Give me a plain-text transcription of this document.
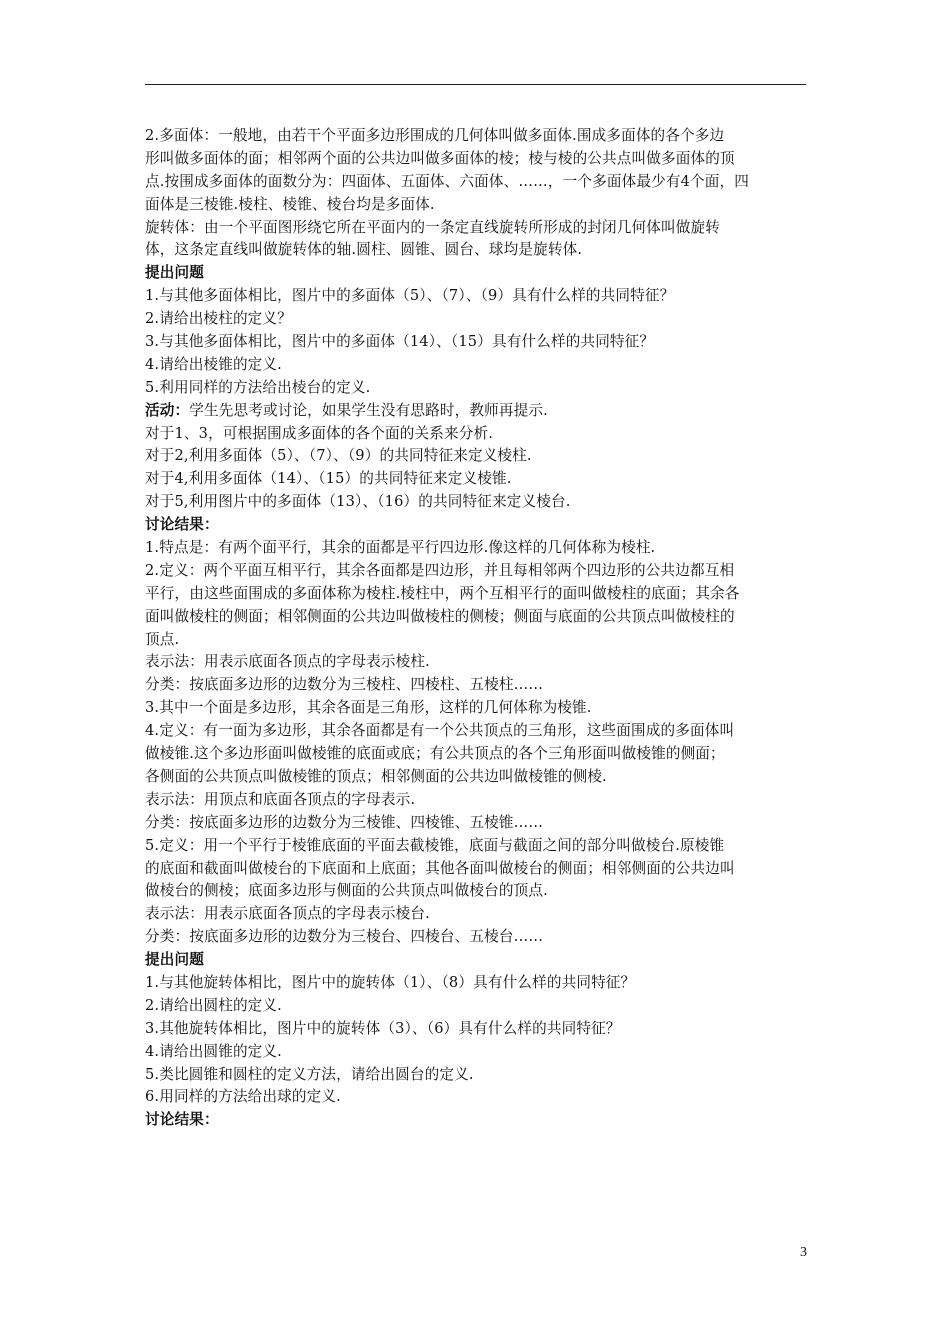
2.多面体：一般地，由若干个平面多边形围成的几何体叫做多面体.围成多面体的各个多边
形叫做多面体的面；相邻两个面的公共边叫做多面体的棱；棱与棱的公共点叫做多面体的顶
点.按围成多面体的面数分为：四面体、五面体、六面体、……，一个多面体最少有4个面，四
面体是三棱锥.棱柱、棱锥、棱台均是多面体.
旋转体：由一个平面图形绕它所在平面内的一条定直线旋转所形成的封闭几何体叫做旋转
体，这条定直线叫做旋转体的轴.圆柱、圆锥、圆台、球均是旋转体.
提出问题
1.与其他多面体相比，图片中的多面体（5）、（7）、（9）具有什么样的共同特征？
2.请给出棱柱的定义？
3.与其他多面体相比，图片中的多面体（14）、（15）具有什么样的共同特征？
4.请给出棱锥的定义.
5.利用同样的方法给出棱台的定义.
活动：学生先思考或讨论，如果学生没有思路时，教师再提示.
对于1、3，可根据围成多面体的各个面的关系来分析.
对于2,利用多面体（5）、（7）、（9）的共同特征来定义棱柱.
对于4,利用多面体（14）、（15）的共同特征来定义棱锥.
对于5,利用图片中的多面体（13）、（16）的共同特征来定义棱台.
讨论结果：
1.特点是：有两个面平行，其余的面都是平行四边形.像这样的几何体称为棱柱.
2.定义：两个平面互相平行，其余各面都是四边形，并且每相邻两个四边形的公共边都互相
平行，由这些面围成的多面体称为棱柱.棱柱中，两个互相平行的面叫做棱柱的底面；其余各
面叫做棱柱的侧面；相邻侧面的公共边叫做棱柱的侧棱；侧面与底面的公共顶点叫做棱柱的
顶点.
表示法：用表示底面各顶点的字母表示棱柱.
分类：按底面多边形的边数分为三棱柱、四棱柱、五棱柱……
3.其中一个面是多边形，其余各面是三角形，这样的几何体称为棱锥.
4.定义：有一面为多边形，其余各面都是有一个公共顶点的三角形，这些面围成的多面体叫
做棱锥.这个多边形面叫做棱锥的底面或底；有公共顶点的各个三角形面叫做棱锥的侧面；
各侧面的公共顶点叫做棱锥的顶点；相邻侧面的公共边叫做棱锥的侧棱.
表示法：用顶点和底面各顶点的字母表示.
分类：按底面多边形的边数分为三棱锥、四棱锥、五棱锥……
5.定义：用一个平行于棱锥底面的平面去截棱锥，底面与截面之间的部分叫做棱台.原棱锥
的底面和截面叫做棱台的下底面和上底面；其他各面叫做棱台的侧面；相邻侧面的公共边叫
做棱台的侧棱；底面多边形与侧面的公共顶点叫做棱台的顶点.
表示法：用表示底面各顶点的字母表示棱台.
分类：按底面多边形的边数分为三棱台、四棱台、五棱台……
提出问题
1.与其他旋转体相比，图片中的旋转体（1）、（8）具有什么样的共同特征？
2.请给出圆柱的定义.
3.其他旋转体相比，图片中的旋转体（3）、（6）具有什么样的共同特征？
4.请给出圆锥的定义.
5.类比圆锥和圆柱的定义方法，请给出圆台的定义.
6.用同样的方法给出球的定义.
讨论结果：
3
